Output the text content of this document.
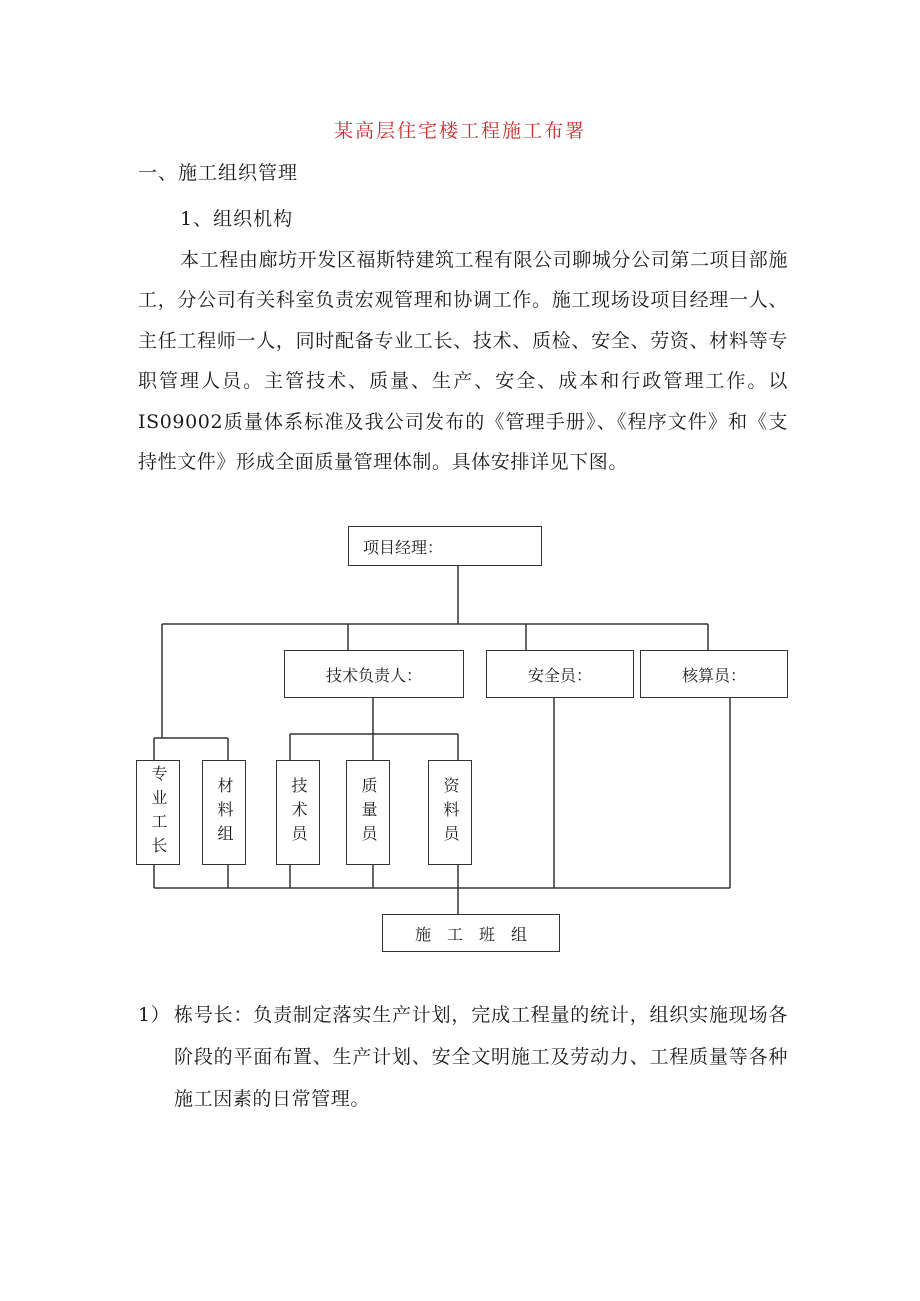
某高层住宅楼工程施工布署
一、施工组织管理
1、组织机构
本工程由廊坊开发区福斯特建筑工程有限公司聊城分公司第二项目部施工，分公司有关科室负责宏观管理和协调工作。施工现场设项目经理一人、主任工程师一人，同时配备专业工长、技术、质检、安全、劳资、材料等专职管理人员。主管技术、质量、生产、安全、成本和行政管理工作。以IS09002质量体系标准及我公司发布的《管理手册》、《程序文件》和《支持性文件》形成全面质量管理体制。具体安排详见下图。
项目经理：
技术负责人：	安全员：	核算员：
专业工长	材料组	技术员	质量员	资料员
施　工　班　组
1） 栋号长：负责制定落实生产计划，完成工程量的统计，组织实施现场各阶段的平面布置、生产计划、安全文明施工及劳动力、工程质量等各种施工因素的日常管理。
